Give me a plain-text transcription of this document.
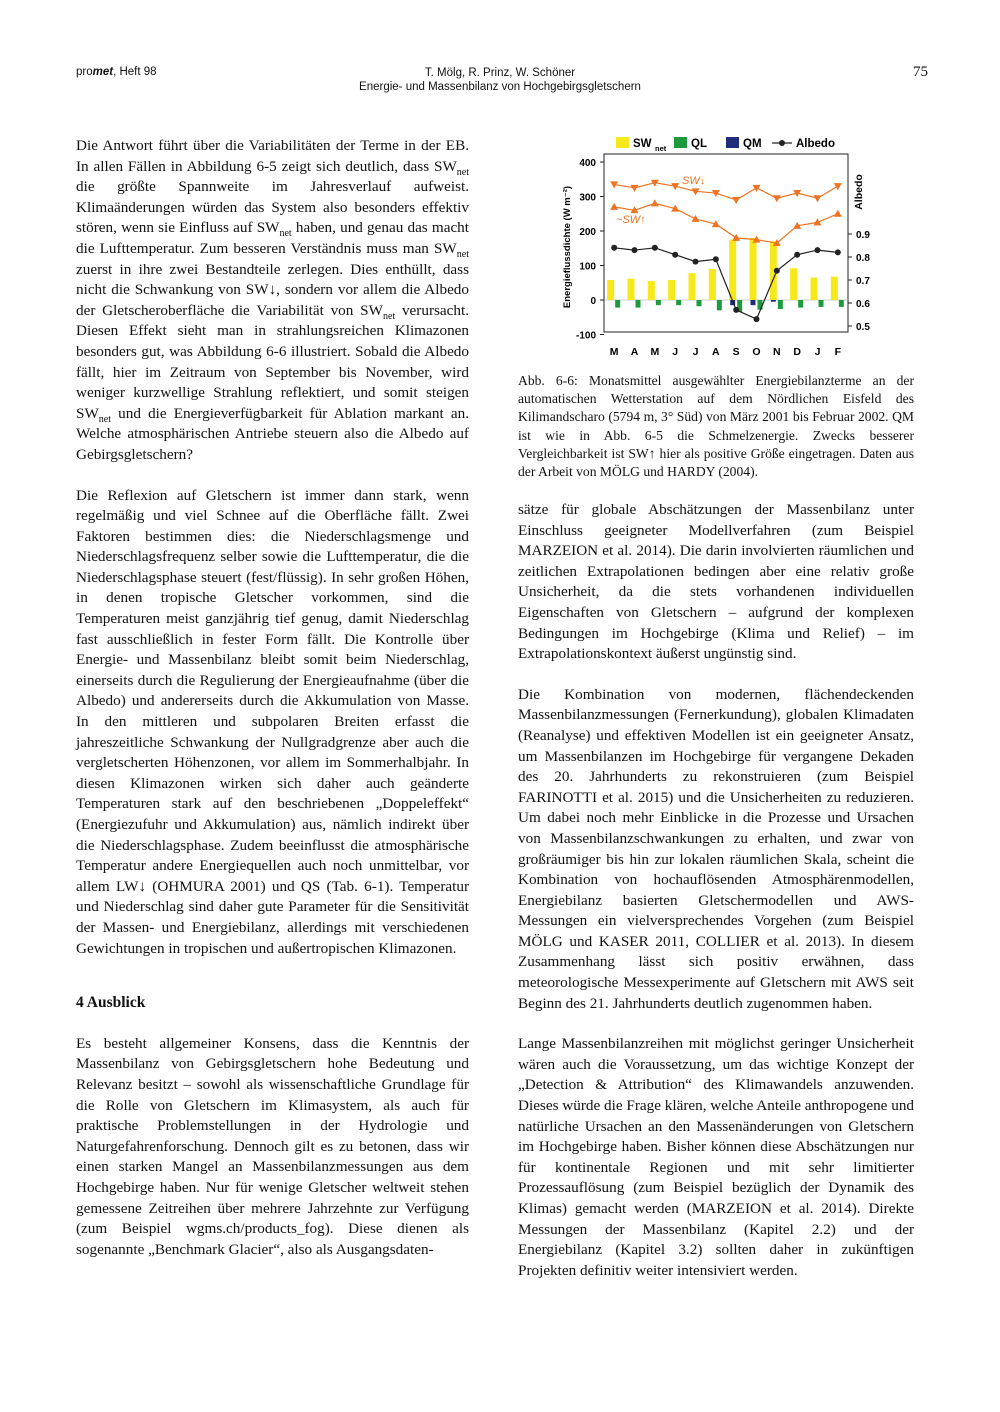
promet, Heft 98	T. Mölg, R. Prinz, W. Schöner
Energie- und Massenbilanz von Hochgebirgsgletschern
75

Die Antwort führt über die Variabilitäten der Terme in der EB. In allen Fällen in Abbildung 6-5 zeigt sich deutlich, dass $SW_{net}$ die größte Spannweite im Jahresverlauf aufweist. Klimaänderungen würden das System also besonders effektiv stören, wenn sie Einfluss auf $SW_{net}$ haben, und genau das macht die Lufttemperatur. Zum besseren Verständnis muss man $SW_{net}$ zuerst in ihre zwei Bestandteile zerlegen. Dies enthüllt, dass nicht die Schwankung von SW↓, sondern vor allem die Albedo der Gletscheroberfläche die Variabilität von $SW_{net}$ verursacht. Diesen Effekt sieht man in strahlungsreichen Klimazonen besonders gut, was Abbildung 6-6 illustriert. Sobald die Albedo fällt, hier im Zeitraum von September bis November, wird weniger kurzwellige Strahlung reflektiert, und somit steigen $SW_{net}$ und die Energieverfügbarkeit für Ablation markant an. Welche atmosphärischen Antriebe steuern also die Albedo auf Gebirgsgletschern?

Die Reflexion auf Gletschern ist immer dann stark, wenn regelmäßig und viel Schnee auf die Oberfläche fällt. Zwei Faktoren bestimmen dies: die Niederschlagsmenge und Niederschlagsfrequenz selber sowie die Lufttemperatur, die die Niederschlagsphase steuert (fest/flüssig). In sehr großen Höhen, in denen tropische Gletscher vorkommen, sind die Temperaturen meist ganzjährig tief genug, damit Niederschlag fast ausschließlich in fester Form fällt. Die Kontrolle über Energie- und Massenbilanz bleibt somit beim Niederschlag, einerseits durch die Regulierung der Energieaufnahme (über die Albedo) und andererseits durch die Akkumulation von Masse. In den mittleren und subpolaren Breiten erfasst die jahreszeitliche Schwankung der Nullgradgrenze aber auch die vergletscherten Höhenzonen, vor allem im Sommerhalbjahr. In diesen Klimazonen wirken sich daher auch geänderte Temperaturen stark auf den beschriebenen „Doppeleffekt“ (Energiezufuhr und Akkumulation) aus, nämlich indirekt über die Niederschlagsphase. Zudem beeinflusst die atmosphärische Temperatur andere Energiequellen auch noch unmittelbar, vor allem LW↓ (OHMURA 2001) und QS (Tab. 6-1). Temperatur und Niederschlag sind daher gute Parameter für die Sensitivität der Massen- und Energiebilanz, allerdings mit verschiedenen Gewichtungen in tropischen und außertropischen Klimazonen.

4 Ausblick

Es besteht allgemeiner Konsens, dass die Kenntnis der Massenbilanz von Gebirgsgletschern hohe Bedeutung und Relevanz besitzt – sowohl als wissenschaftliche Grundlage für die Rolle von Gletschern im Klimasystem, als auch für praktische Problemstellungen in der Hydrologie und Naturgefahrenforschung. Dennoch gilt es zu betonen, dass wir einen starken Mangel an Massenbilanzmessungen aus dem Hochgebirge haben. Nur für wenige Gletscher weltweit stehen gemessene Zeitreihen über mehrere Jahrzehnte zur Verfügung (zum Beispiel wgms.ch/products_fog). Diese dienen als sogenannte „Benchmark Glacier“, also als Ausgangsdaten-

SW	QL	QM
net	Albedo
400
300
200
100
0
-100
0.9
0.8
0.7
0.6
0.5
Energieflussdichte (W m⁻²)	Albedo
M A M J J A S O N D J F
SW↓
~SW↑
Abb. 6-6: Monatsmittel ausgewählter Energiebilanzterme an der automatischen Wetterstation auf dem Nördlichen Eisfeld des Kilimandscharo (5794 m, 3° Süd) von März 2001 bis Februar 2002. QM ist wie in Abb. 6-5 die Schmelzenergie. Zwecks besserer Vergleichbarkeit ist SW↑ hier als positive Größe eingetragen. Daten aus der Arbeit von MÖLG und HARDY (2004).

sätze für globale Abschätzungen der Massenbilanz unter Einschluss geeigneter Modellverfahren (zum Beispiel MARZEION et al. 2014). Die darin involvierten räumlichen und zeitlichen Extrapolationen bedingen aber eine relativ große Unsicherheit, da die stets vorhandenen individuellen Eigenschaften von Gletschern – aufgrund der komplexen Bedingungen im Hochgebirge (Klima und Relief) – im Extrapolationskontext äußerst ungünstig sind.

Die Kombination von modernen, flächendeckenden Massenbilanzmessungen (Fernerkundung), globalen Klimadaten (Reanalyse) und effektiven Modellen ist ein geeigneter Ansatz, um Massenbilanzen im Hochgebirge für vergangene Dekaden des 20. Jahrhunderts zu rekonstruieren (zum Beispiel FARINOTTI et al. 2015) und die Unsicherheiten zu reduzieren. Um dabei noch mehr Einblicke in die Prozesse und Ursachen von Massenbilanzschwankungen zu erhalten, und zwar von großräumiger bis hin zur lokalen räumlichen Skala, scheint die Kombination von hochauflösenden Atmosphärenmodellen, Energiebilanz basierten Gletschermodellen und AWS-Messungen ein vielversprechendes Vorgehen (zum Beispiel MÖLG und KASER 2011, COLLIER et al. 2013). In diesem Zusammenhang lässt sich positiv erwähnen, dass meteorologische Messexperimente auf Gletschern mit AWS seit Beginn des 21. Jahrhunderts deutlich zugenommen haben.

Lange Massenbilanzreihen mit möglichst geringer Unsicherheit wären auch die Voraussetzung, um das wichtige Konzept der „Detection & Attribution“ des Klimawandels anzuwenden. Dieses würde die Frage klären, welche Anteile anthropogene und natürliche Ursachen an den Massenänderungen von Gletschern im Hochgebirge haben. Bisher können diese Abschätzungen nur für kontinentale Regionen und mit sehr limitierter Prozessauflösung (zum Beispiel bezüglich der Dynamik des Klimas) gemacht werden (MARZEION et al. 2014). Direkte Messungen der Massenbilanz (Kapitel 2.2) und der Energiebilanz (Kapitel 3.2) sollten daher in zukünftigen Projekten definitiv weiter intensiviert werden.
